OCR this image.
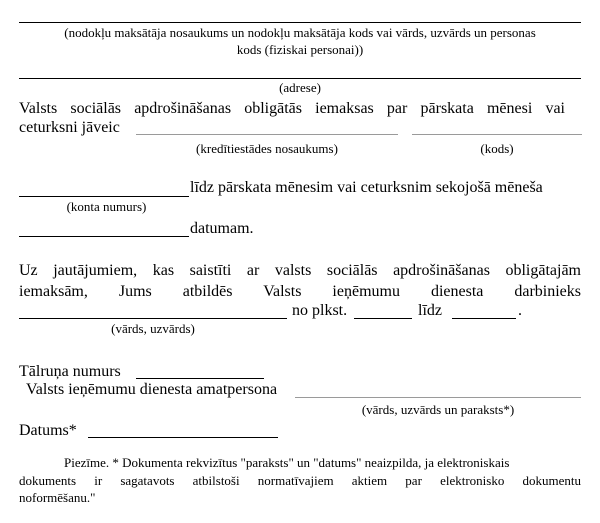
(nodokļu maksātāja nosaukums un nodokļu maksātāja kods vai vārds, uzvārds un personas
kods (fiziskai personai))
(adrese)
Valsts sociālās apdrošināšanas obligātās iemaksas par pārskata mēnesi vai
ceturksni jāveic
(kredītiestādes nosaukums)	(kods)
līdz pārskata mēnesim vai ceturksnim sekojošā mēneša
(konta numurs)
datumam.
Uz jautājumiem, kas saistīti ar valsts sociālās apdrošināšanas obligātajām
iemaksām, Jums atbildēs Valsts ieņēmumu dienesta darbinieks
no plkst.	līdz	.
(vārds, uzvārds)
Tālruņa numurs
Valsts ieņēmumu dienesta amatpersona
(vārds, uzvārds un paraksts*)
Datums*
Piezīme. * Dokumenta rekvizītus "paraksts" un "datums" neaizpilda, ja elektroniskais
dokuments ir sagatavots atbilstoši normatīvajiem aktiem par elektronisko dokumentu
noformēšanu."
